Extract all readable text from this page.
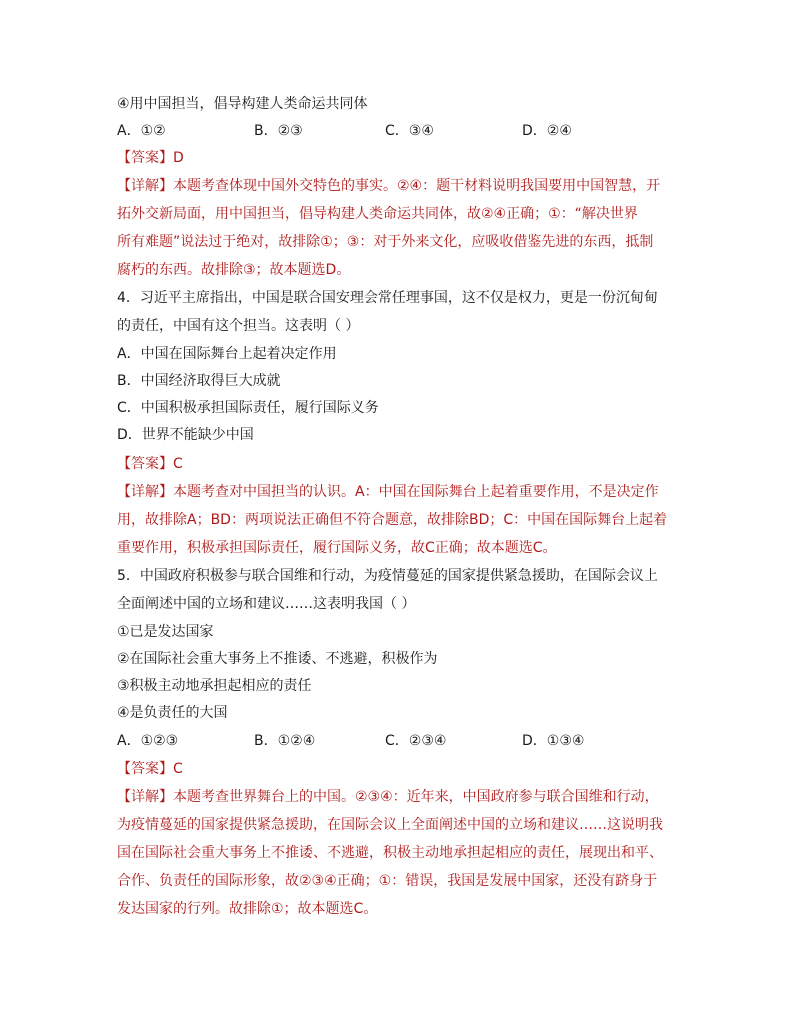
④用中国担当，倡导构建人类命运共同体
A．①②	B．②③	C．③④	D．②④
【答案】D
【详解】本题考查体现中国外交特色的事实。②④：题干材料说明我国要用中国智慧，开
拓外交新局面，用中国担当，倡导构建人类命运共同体，故②④正确；①：“解决世界
所有难题”说法过于绝对，故排除①；③：对于外来文化，应吸收借鉴先进的东西，抵制
腐朽的东西。故排除③；故本题选D。
4．习近平主席指出，中国是联合国安理会常任理事国，这不仅是权力，更是一份沉甸甸
的责任，中国有这个担当。这表明（ ）
A．中国在国际舞台上起着决定作用
B．中国经济取得巨大成就
C．中国积极承担国际责任，履行国际义务
D．世界不能缺少中国
【答案】C
【详解】本题考查对中国担当的认识。A：中国在国际舞台上起着重要作用，不是决定作
用，故排除A；BD：两项说法正确但不符合题意，故排除BD；C：中国在国际舞台上起着
重要作用，积极承担国际责任，履行国际义务，故C正确；故本题选C。
5．中国政府积极参与联合国维和行动，为疫情蔓延的国家提供紧急援助，在国际会议上
全面阐述中国的立场和建议……这表明我国（ ）
①已是发达国家
②在国际社会重大事务上不推诿、不逃避，积极作为
③积极主动地承担起相应的责任
④是负责任的大国
A．①②③	B．①②④	C．②③④	D．①③④
【答案】C
【详解】本题考查世界舞台上的中国。②③④：近年来，中国政府参与联合国维和行动，
为疫情蔓延的国家提供紧急援助，在国际会议上全面阐述中国的立场和建议……这说明我
国在国际社会重大事务上不推诿、不逃避，积极主动地承担起相应的责任，展现出和平、
合作、负责任的国际形象，故②③④正确；①：错误，我国是发展中国家，还没有跻身于
发达国家的行列。故排除①；故本题选C。
